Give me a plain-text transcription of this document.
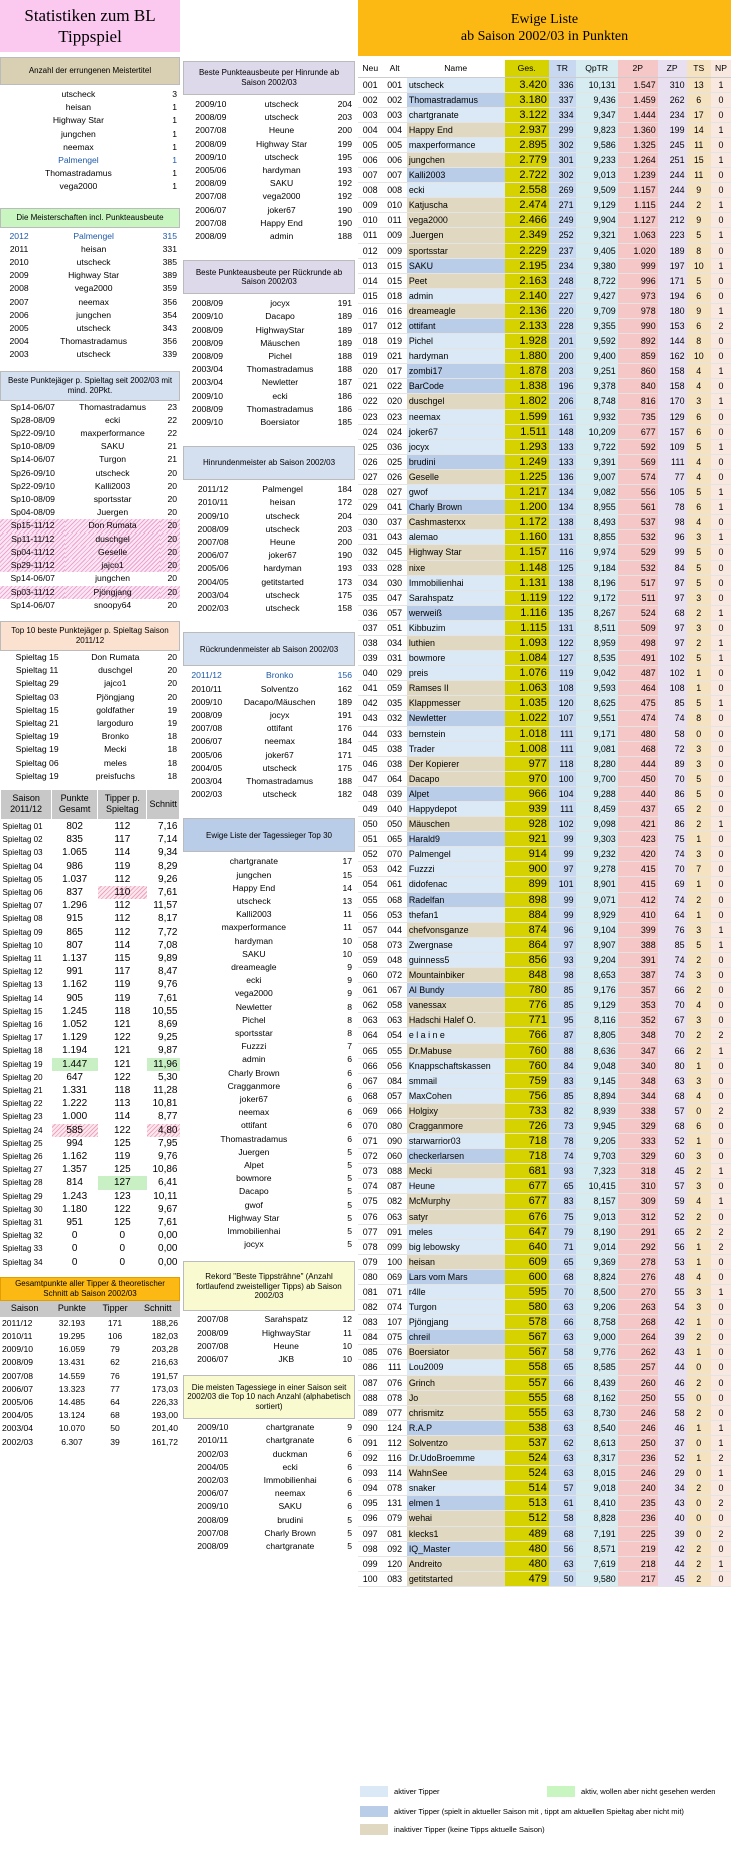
Statistiken zum BL Tippspiel
Anzahl der errungenen Meistertitel
utscheck	3
heisan	1
Highway Star	1
jungchen	1
neemax	1
Palmengel	1
Thomastradamus	1
vega2000	1
Die Meisterschaften incl. Punkteausbeute
2012	Palmengel	315
2011	heisan	331
2010	utscheck	385
2009	Highway Star	389
2008	vega2000	359
2007	neemax	356
2006	jungchen	354
2005	utscheck	343
2004	Thomastradamus	356
2003	utscheck	339
Beste Punktejäger p. Spieltag seit 2002/03 mit mind. 20Pkt.
Sp14-06/07	Thomastradamus	23
Sp28-08/09	ecki	22
Sp22-09/10	maxperformance	22
Sp10-08/09	SAKU	21
Sp14-06/07	Turgon	21
Sp26-09/10	utscheck	20
Sp22-09/10	Kalli2003	20
Sp10-08/09	sportsstar	20
Sp04-08/09	Juergen	20
Sp15-11/12	Don Rumata	20
Sp11-11/12	duschgel	20
Sp04-11/12	Geselle	20
Sp29-11/12	jajco1	20
Sp14-06/07	jungchen	20
Sp03-11/12	Pjöngjang	20
Sp14-06/07	snoopy64	20
Top 10 beste Punktejäger p. Spieltag Saison 2011/12
Spieltag 15	Don Rumata	20
Spieltag 11	duschgel	20
Spieltag 29	jajco1	20
Spieltag 03	Pjöngjang	20
Spieltag 15	goldfather	19
Spieltag 21	largoduro	19
Spieltag 19	Bronko	18
Spieltag 19	Mecki	18
Spieltag 06	meles	18
Spieltag 19	preisfuchs	18
Saison 2011/12	Punkte Gesamt	Tipper p. Spieltag	Schnitt
Spieltag 01	802	112	7,16
Spieltag 02	835	117	7,14
Spieltag 03	1.065	114	9,34
Spieltag 04	986	119	8,29
Spieltag 05	1.037	112	9,26
Spieltag 06	837	110	7,61
Spieltag 07	1.296	112	11,57
Spieltag 08	915	112	8,17
Spieltag 09	865	112	7,72
Spieltag 10	807	114	7,08
Spieltag 11	1.137	115	9,89
Spieltag 12	991	117	8,47
Spieltag 13	1.162	119	9,76
Spieltag 14	905	119	7,61
Spieltag 15	1.245	118	10,55
Spieltag 16	1.052	121	8,69
Spieltag 17	1.129	122	9,25
Spieltag 18	1.194	121	9,87
Spieltag 19	1.447	121	11,96
Spieltag 20	647	122	5,30
Spieltag 21	1.331	118	11,28
Spieltag 22	1.222	113	10,81
Spieltag 23	1.000	114	8,77
Spieltag 24	585	122	4,80
Spieltag 25	994	125	7,95
Spieltag 26	1.162	119	9,76
Spieltag 27	1.357	125	10,86
Spieltag 28	814	127	6,41
Spieltag 29	1.243	123	10,11
Spieltag 30	1.180	122	9,67
Spieltag 31	951	125	7,61
Spieltag 32	0	0	0,00
Spieltag 33	0	0	0,00
Spieltag 34	0	0	0,00
Gesamtpunkte aller Tipper & theoretischer Schnitt ab Saison 2002/03
Saison	Punkte	Tipper	Schnitt
2011/12	32.193	171	188,26
2010/11	19.295	106	182,03
2009/10	16.059	79	203,28
2008/09	13.431	62	216,63
2007/08	14.559	76	191,57
2006/07	13.323	77	173,03
2005/06	14.485	64	226,33
2004/05	13.124	68	193,00
2003/04	10.070	50	201,40
2002/03	6.307	39	161,72
Beste Punkteausbeute per Hinrunde ab Saison 2002/03
2009/10	utscheck	204
2008/09	utscheck	203
2007/08	Heune	200
2008/09	Highway Star	199
2009/10	utscheck	195
2005/06	hardyman	193
2008/09	SAKU	192
2007/08	vega2000	192
2006/07	joker67	190
2007/08	Happy End	190
2008/09	admin	188
Beste Punkteausbeute per Rückrunde ab Saison 2002/03
2008/09	jocyx	191
2009/10	Dacapo	189
2008/09	HighwayStar	189
2008/09	Mäuschen	189
2008/09	Pichel	188
2003/04	Thomastradamus	188
2003/04	Newletter	187
2009/10	ecki	186
2008/09	Thomastradamus	186
2009/10	Boersiator	185
Hinrundenmeister ab Saison 2002/03
2011/12	Palmengel	184
2010/11	heisan	172
2009/10	utscheck	204
2008/09	utscheck	203
2007/08	Heune	200
2006/07	joker67	190
2005/06	hardyman	193
2004/05	getitstarted	173
2003/04	utscheck	175
2002/03	utscheck	158
Rückrundenmeister ab Saison 2002/03
2011/12	Bronko	156
2010/11	Solventzo	162
2009/10	Dacapo/Mäuschen	189
2008/09	jocyx	191
2007/08	ottifant	176
2006/07	neemax	184
2005/06	joker67	171
2004/05	utscheck	175
2003/04	Thomastradamus	188
2002/03	utscheck	182
Ewige Liste der Tagessieger Top 30
chartgranate	17
jungchen	15
Happy End	14
utscheck	13
Kalli2003	11
maxperformance	11
hardyman	10
SAKU	10
dreameagle	9
ecki	9
vega2000	9
Newletter	8
Pichel	8
sportsstar	8
Fuzzzi	7
admin	6
Charly Brown	6
Cragganmore	6
joker67	6
neemax	6
ottifant	6
Thomastradamus	6
Juergen	5
Alpet	5
bowmore	5
Dacapo	5
gwof	5
Highway Star	5
Immobilienhai	5
jocyx	5
Rekord "Beste Tippsträhne" (Anzahl fortlaufend zweistelliger Tipps) ab Saison 2002/03
2007/08	Sarahspatz	12
2008/09	HighwayStar	11
2007/08	Heune	10
2006/07	JKB	10
Die meisten Tagessiege in einer Saison seit 2002/03 die Top 10 nach Anzahl (alphabetisch sortiert)
2009/10	chartgranate	9
2010/11	chartgranate	6
2002/03	duckman	6
2004/05	ecki	6
2002/03	Immobilienhai	6
2006/07	neemax	6
2009/10	SAKU	6
2008/09	brudini	5
2007/08	Charly Brown	5
2008/09	chartgranate	5
Ewige Liste
ab Saison 2002/03 in Punkten
Neu	Alt	Name	Ges.	TR	QpTR	2P	ZP	TS	NP
001	001	utscheck	3.420	336	10,131	1.547	310	13	1
002	002	Thomastradamus	3.180	337	9,436	1.459	262	6	0
003	003	chartgranate	3.122	334	9,347	1.444	234	17	0
004	004	Happy End	2.937	299	9,823	1.360	199	14	1
005	005	maxperformance	2.895	302	9,586	1.325	245	11	0
006	006	jungchen	2.779	301	9,233	1.264	251	15	1
007	007	Kalli2003	2.722	302	9,013	1.239	244	11	0
008	008	ecki	2.558	269	9,509	1.157	244	9	0
009	010	Katjuscha	2.474	271	9,129	1.115	244	2	1
010	011	vega2000	2.466	249	9,904	1.127	212	9	0
011	009	.Juergen	2.349	252	9,321	1.063	223	5	1
012	009	sportsstar	2.229	237	9,405	1.020	189	8	0
013	015	SAKU	2.195	234	9,380	999	197	10	1
014	015	Peet	2.163	248	8,722	996	171	5	0
015	018	admin	2.140	227	9,427	973	194	6	0
016	016	dreameagle	2.136	220	9,709	978	180	9	1
017	012	ottifant	2.133	228	9,355	990	153	6	2
018	019	Pichel	1.928	201	9,592	892	144	8	0
019	021	hardyman	1.880	200	9,400	859	162	10	0
020	017	zombi17	1.878	203	9,251	860	158	4	1
021	022	BarCode	1.838	196	9,378	840	158	4	0
022	020	duschgel	1.802	206	8,748	816	170	3	1
023	023	neemax	1.599	161	9,932	735	129	6	0
024	024	joker67	1.511	148	10,209	677	157	6	0
025	036	jocyx	1.293	133	9,722	592	109	5	1
026	025	brudini	1.249	133	9,391	569	111	4	0
027	026	Geselle	1.225	136	9,007	574	77	4	0
028	027	gwof	1.217	134	9,082	556	105	5	1
029	041	Charly Brown	1.200	134	8,955	561	78	6	1
030	037	Cashmasterxx	1.172	138	8,493	537	98	4	0
031	043	alemao	1.160	131	8,855	532	96	3	1
032	045	Highway Star	1.157	116	9,974	529	99	5	0
033	028	nixe	1.148	125	9,184	532	84	5	0
034	030	Immobilienhai	1.131	138	8,196	517	97	5	0
035	047	Sarahspatz	1.119	122	9,172	511	97	3	0
036	057	werweiß	1.116	135	8,267	524	68	2	1
037	051	Kibbuzim	1.115	131	8,511	509	97	3	0
038	034	luthien	1.093	122	8,959	498	97	2	1
039	031	bowmore	1.084	127	8,535	491	102	5	1
040	029	preis	1.076	119	9,042	487	102	1	0
041	059	Ramses II	1.063	108	9,593	464	108	1	0
042	035	Klappmesser	1.035	120	8,625	475	85	5	1
043	032	Newletter	1.022	107	9,551	474	74	8	0
044	033	bernstein	1.018	111	9,171	480	58	0	0
045	038	Trader	1.008	111	9,081	468	72	3	0
046	038	Der Kopierer	977	118	8,280	444	89	3	0
047	064	Dacapo	970	100	9,700	450	70	5	0
048	039	Alpet	966	104	9,288	440	86	5	0
049	040	Happydepot	939	111	8,459	437	65	2	0
050	050	Mäuschen	928	102	9,098	421	86	2	1
051	065	Harald9	921	99	9,303	423	75	1	0
052	070	Palmengel	914	99	9,232	420	74	3	0
053	042	Fuzzzi	900	97	9,278	415	70	7	0
054	061	didofenac	899	101	8,901	415	69	1	0
055	068	Radelfan	898	99	9,071	412	74	2	0
056	053	thefan1	884	99	8,929	410	64	1	0
057	044	chefvonsganze	874	96	9,104	399	76	3	1
058	073	Zwergnase	864	97	8,907	388	85	5	1
059	048	guinness5	856	93	9,204	391	74	2	0
060	072	Mountainbiker	848	98	8,653	387	74	3	0
061	067	Al Bundy	780	85	9,176	357	66	2	0
062	058	vanessax	776	85	9,129	353	70	4	0
063	063	Hadschi Halef O.	771	95	8,116	352	67	3	0
064	054	e l a i n e	766	87	8,805	348	70	2	2
065	055	Dr.Mabuse	760	88	8,636	347	66	2	1
066	056	Knappschaftskassen	760	84	9,048	340	80	1	0
067	084	smmail	759	83	9,145	348	63	3	0
068	057	MaxCohen	756	85	8,894	344	68	4	0
069	066	Holgixy	733	82	8,939	338	57	0	2
070	080	Cragganmore	726	73	9,945	329	68	6	0
071	090	starwarrior03	718	78	9,205	333	52	1	0
072	060	checkerlarsen	718	74	9,703	329	60	3	0
073	088	Mecki	681	93	7,323	318	45	2	1
074	087	Heune	677	65	10,415	310	57	3	0
075	082	McMurphy	677	83	8,157	309	59	4	1
076	063	satyr	676	75	9,013	312	52	2	0
077	091	meles	647	79	8,190	291	65	2	2
078	099	big lebowsky	640	71	9,014	292	56	1	2
079	100	heisan	609	65	9,369	278	53	1	0
080	069	Lars vom Mars	600	68	8,824	276	48	4	0
081	071	r4lle	595	70	8,500	270	55	3	1
082	074	Turgon	580	63	9,206	263	54	3	0
083	107	Pjöngjang	578	66	8,758	268	42	1	0
084	075	chreil	567	63	9,000	264	39	2	0
085	076	Boersiator	567	58	9,776	262	43	1	0
086	111	Lou2009	558	65	8,585	257	44	0	0
087	076	Grinch	557	66	8,439	260	46	2	0
088	078	Jo	555	68	8,162	250	55	0	0
089	077	chrismitz	555	63	8,730	246	58	2	0
090	124	R.A.P	538	63	8,540	246	46	1	1
091	112	Solventzo	537	62	8,613	250	37	0	1
092	116	Dr.UdoBroemme	524	63	8,317	236	52	1	2
093	114	WahnSee	524	63	8,015	246	29	0	1
094	078	snaker	514	57	9,018	240	34	2	0
095	131	elmen 1	513	61	8,410	235	43	0	2
096	079	wehai	512	58	8,828	236	40	0	0
097	081	klecks1	489	68	7,191	225	39	0	2
098	092	IQ_Master	480	56	8,571	219	42	2	0
099	120	Andreito	480	63	7,619	218	44	2	1
100	083	getitstarted	479	50	9,580	217	45	2	0
aktiver Tipper	aktiv, wollen aber nicht gesehen werden
aktiver Tipper (spielt in aktueller Saison mit , tippt am aktuellen Spieltag aber nicht mit)
inaktiver Tipper (keine Tipps aktuelle Saison)
